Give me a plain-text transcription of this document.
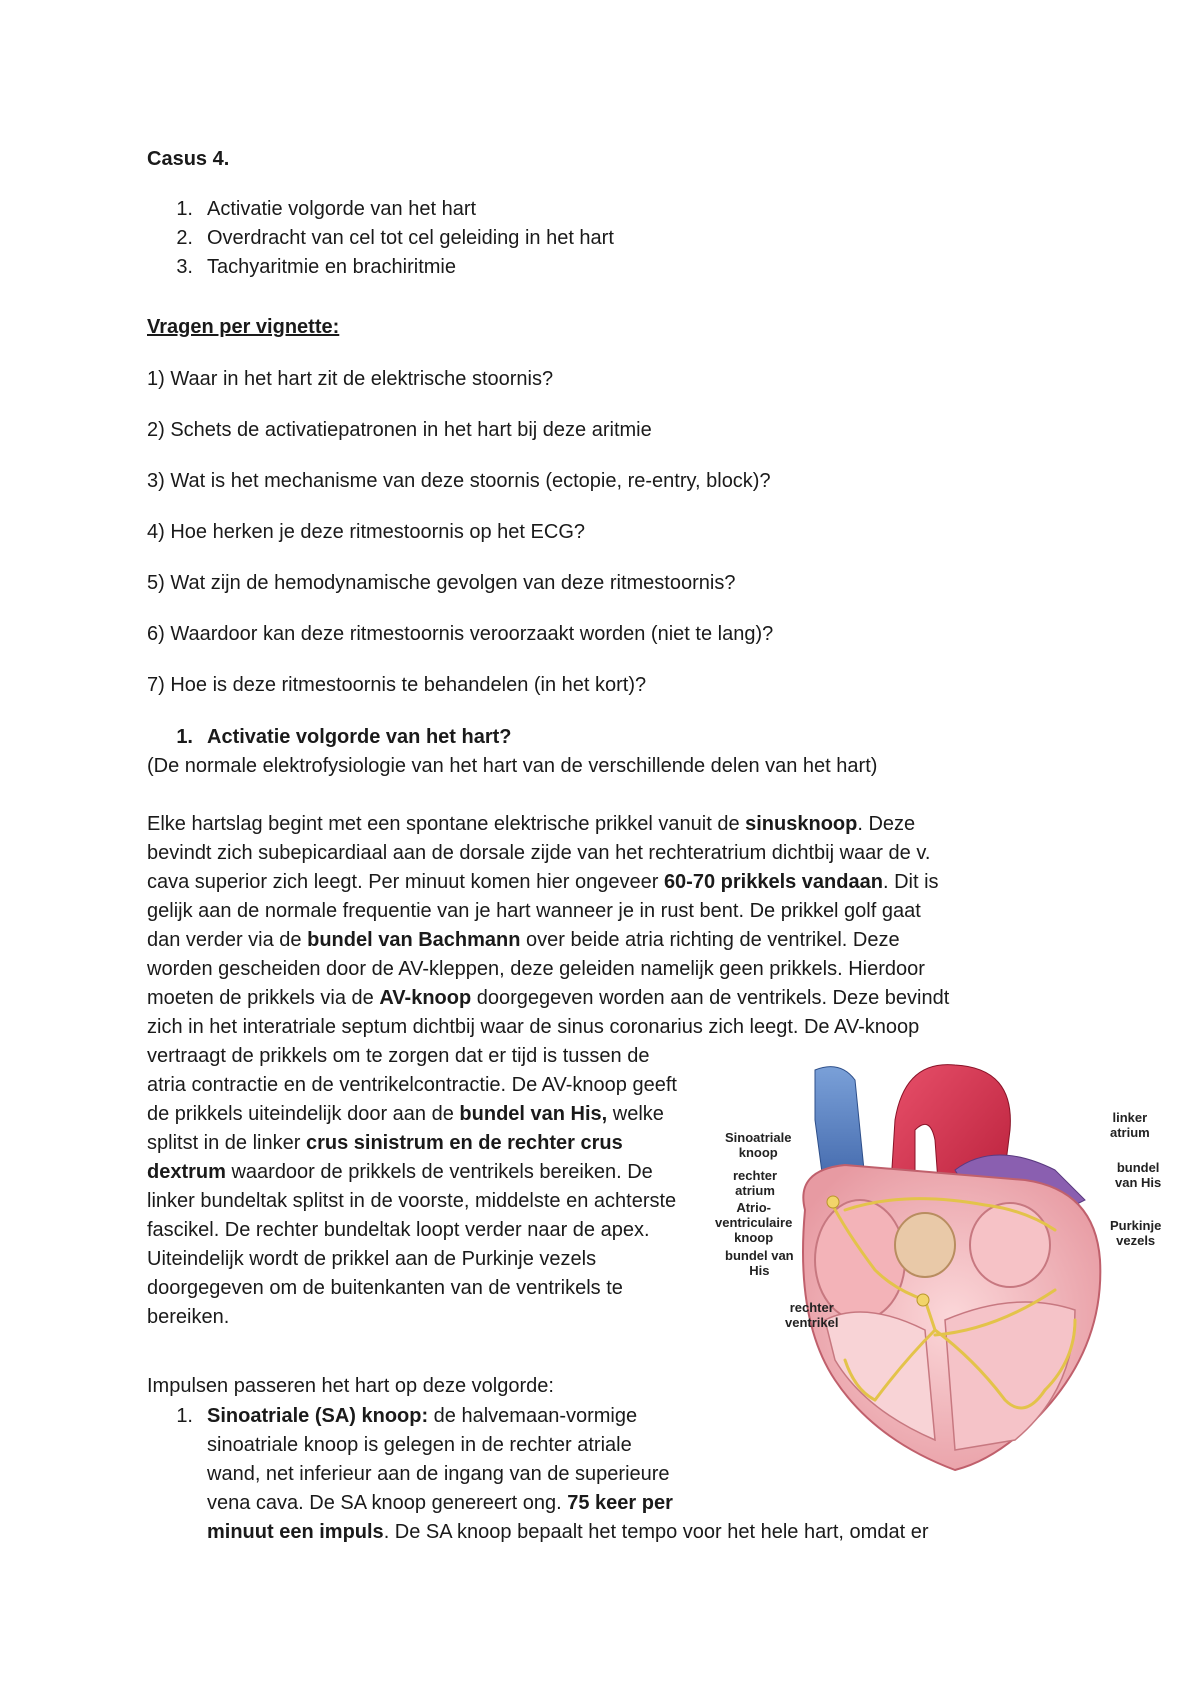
Casus 4.
1. Activatie volgorde van het hart
2. Overdracht van cel tot cel geleiding in het hart
3. Tachyaritmie en brachiritmie
Vragen per vignette:
1) Waar in het hart zit de elektrische stoornis?
2) Schets de activatiepatronen in het hart bij deze aritmie
3) Wat is het mechanisme van deze stoornis (ectopie, re-entry, block)?
4) Hoe herken je deze ritmestoornis op het ECG?
5) Wat zijn de hemodynamische gevolgen van deze ritmestoornis?
6) Waardoor kan deze ritmestoornis veroorzaakt worden (niet te lang)?
7) Hoe is deze ritmestoornis te behandelen (in het kort)?
1. Activatie volgorde van het hart?
(De normale elektrofysiologie van het hart van de verschillende delen van het hart)
Elke hartslag begint met een spontane elektrische prikkel vanuit de sinusknoop. Deze
bevindt zich subepicardiaal aan de dorsale zijde van het rechteratrium dichtbij waar de v.
cava superior zich leegt. Per minuut komen hier ongeveer 60-70 prikkels vandaan. Dit is
gelijk aan de normale frequentie van je hart wanneer je in rust bent. De prikkel golf gaat
dan verder via de bundel van Bachmann over beide atria richting de ventrikel. Deze
worden gescheiden door de AV-kleppen, deze geleiden namelijk geen prikkels. Hierdoor
moeten de prikkels via de AV-knoop doorgegeven worden aan de ventrikels. Deze bevindt
zich in het interatriale septum dichtbij waar de sinus coronarius zich leegt. De AV-knoop
vertraagt de prikkels om te zorgen dat er tijd is tussen de
atria contractie en de ventrikelcontractie. De AV-knoop geeft
de prikkels uiteindelijk door aan de bundel van His, welke
splitst in de linker crus sinistrum en de rechter crus
dextrum waardoor de prikkels de ventrikels bereiken. De
linker bundeltak splitst in de voorste, middelste en achterste
fascikel. De rechter bundeltak loopt verder naar de apex.
Uiteindelijk wordt de prikkel aan de Purkinje vezels
doorgegeven om de buitenkanten van de ventrikels te
bereiken.
Impulsen passeren het hart op deze volgorde:
1. Sinoatriale (SA) knoop: de halvemaan-vormige
sinoatriale knoop is gelegen in de rechter atriale
wand, net inferieur aan de ingang van de superieure
vena cava. De SA knoop genereert ong. 75 keer per
minuut een impuls. De SA knoop bepaalt het tempo voor het hele hart, omdat er
Sinoatriale
knoop
rechter
atrium
Atrio-
ventriculaire
knoop
bundel van
His
rechter
ventrikel
linker
atrium
bundel
van His
Purkinje
vezels
